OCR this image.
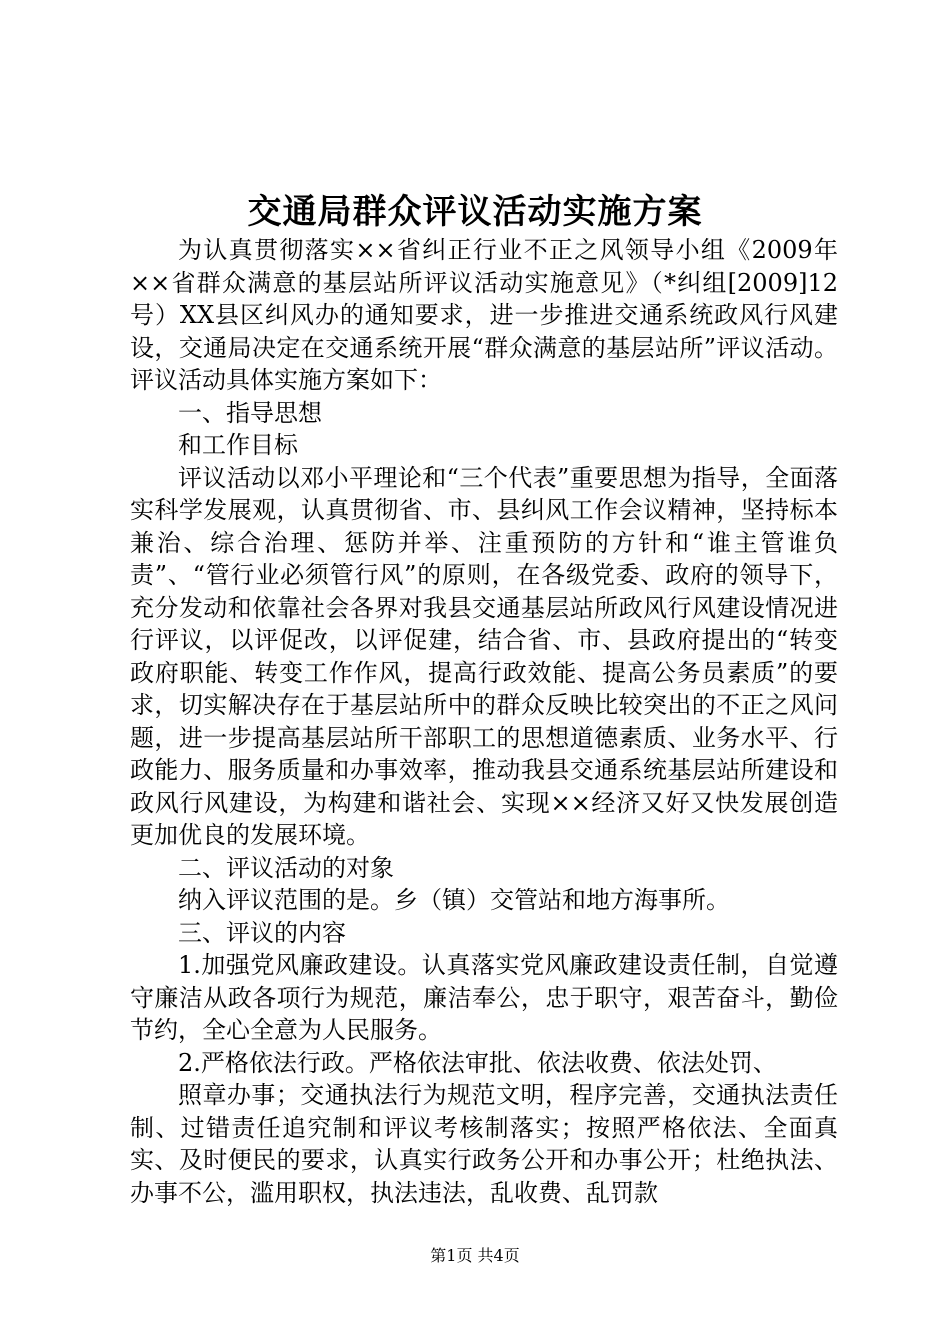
交通局群众评议活动实施方案

为认真贯彻落实××省纠正行业不正之风领导小组《2009年××省群众满意的基层站所评议活动实施意见》（*纠组[2009]12号）XX县区纠风办的通知要求，进一步推进交通系统政风行风建设，交通局决定在交通系统开展“群众满意的基层站所”评议活动。评议活动具体实施方案如下：

一、指导思想

和工作目标

评议活动以邓小平理论和“三个代表”重要思想为指导，全面落实科学发展观，认真贯彻省、市、县纠风工作会议精神，坚持标本兼治、综合治理、惩防并举、注重预防的方针和“谁主管谁负责”、“管行业必须管行风”的原则，在各级党委、政府的领导下，充分发动和依靠社会各界对我县交通基层站所政风行风建设情况进行评议，以评促改，以评促建，结合省、市、县政府提出的“转变政府职能、转变工作作风，提高行政效能、提高公务员素质”的要求，切实解决存在于基层站所中的群众反映比较突出的不正之风问题，进一步提高基层站所干部职工的思想道德素质、业务水平、行政能力、服务质量和办事效率，推动我县交通系统基层站所建设和政风行风建设，为构建和谐社会、实现××经济又好又快发展创造更加优良的发展环境。

二、评议活动的对象

纳入评议范围的是。乡（镇）交管站和地方海事所。

三、评议的内容

1.加强党风廉政建设。认真落实党风廉政建设责任制，自觉遵守廉洁从政各项行为规范，廉洁奉公，忠于职守，艰苦奋斗，勤俭节约，全心全意为人民服务。

2.严格依法行政。严格依法审批、依法收费、依法处罚、

照章办事；交通执法行为规范文明，程序完善，交通执法责任制、过错责任追究制和评议考核制落实；按照严格依法、全面真实、及时便民的要求，认真实行政务公开和办事公开；杜绝执法、办事不公，滥用职权，执法违法，乱收费、乱罚款

第1页 共4页
